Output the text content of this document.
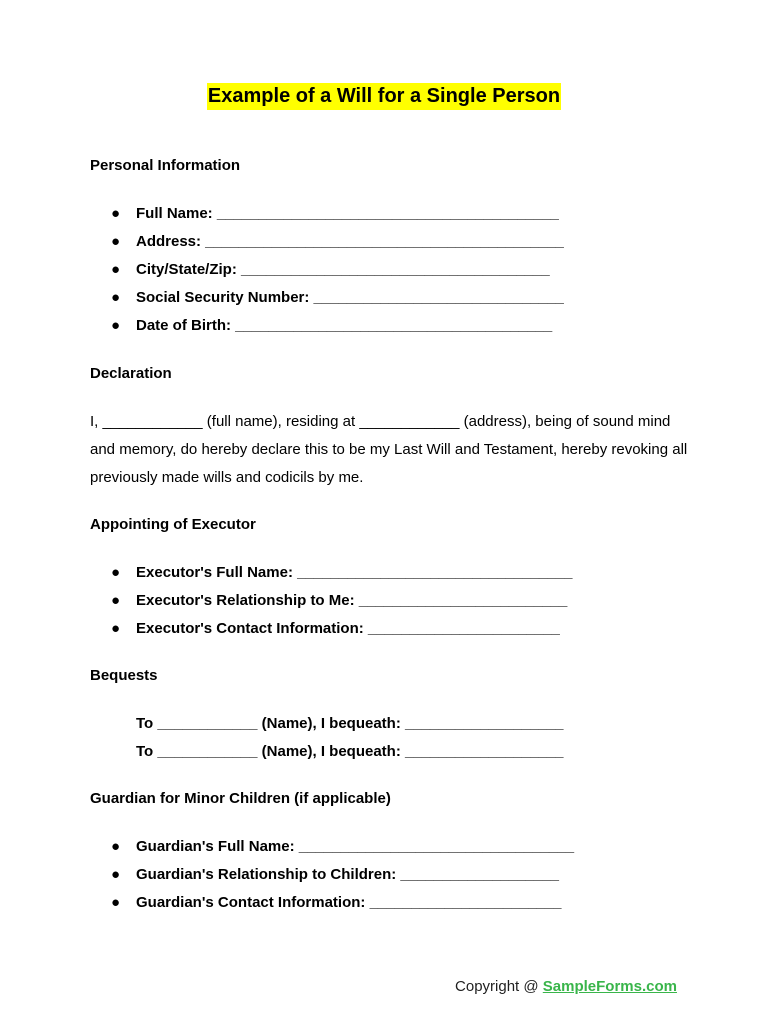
Example of a Will for a Single Person
Personal Information
● Full Name: _________________________________________
● Address: ___________________________________________
● City/State/Zip: _____________________________________
● Social Security Number: ______________________________
● Date of Birth: ______________________________________
Declaration

I, ____________ (full name), residing at ____________ (address), being of sound mind and memory, do hereby declare this to be my Last Will and Testament, hereby revoking all previously made wills and codicils by me.

Appointing of Executor
● Executor's Full Name: _________________________________
● Executor's Relationship to Me: _________________________
● Executor's Contact Information: _______________________
Bequests
To ____________ (Name), I bequeath: ___________________
To ____________ (Name), I bequeath: ___________________
Guardian for Minor Children (if applicable)
● Guardian's Full Name: _________________________________
● Guardian's Relationship to Children: ___________________
● Guardian's Contact Information: _______________________
Copyright @ SampleForms.com
